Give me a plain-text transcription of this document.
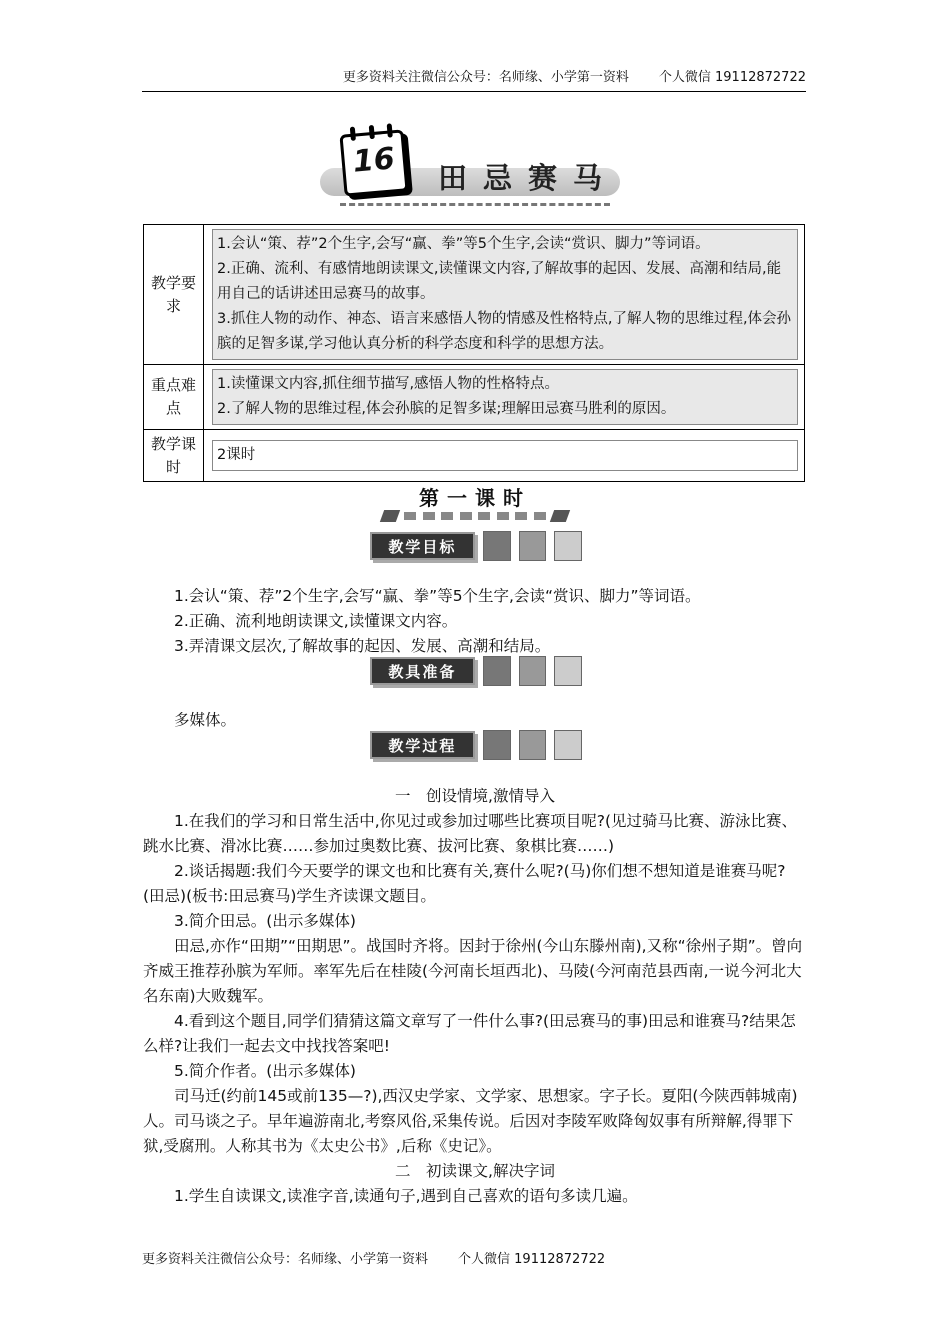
更多资料关注微信公众号：名师缘、小学第一资料 个人微信 19112872722
16 田忌赛马
教学要求

1.会认“策、荐”2个生字,会写“赢、拳”等5个生字,会读“赏识、脚力”等词语。

2.正确、流利、有感情地朗读课文,读懂课文内容,了解故事的起因、发展、高潮和结局,能用自己的话讲述田忌赛马的故事。

3.抓住人物的动作、神态、语言来感悟人物的情感及性格特点,了解人物的思维过程,体会孙膑的足智多谋,学习他认真分析的科学态度和科学的思想方法。

重点难点

1.读懂课文内容,抓住细节描写,感悟人物的性格特点。

2.了解人物的思维过程,体会孙膑的足智多谋;理解田忌赛马胜利的原因。

教学课时
2课时
第一课时
教学目标

1.会认“策、荐”2个生字,会写“赢、拳”等5个生字,会读“赏识、脚力”等词语。

2.正确、流利地朗读课文,读懂课文内容。

3.弄清课文层次,了解故事的起因、发展、高潮和结局。

教具准备

多媒体。

教学过程

一　创设情境,激情导入

1.在我们的学习和日常生活中,你见过或参加过哪些比赛项目呢?(见过骑马比赛、游泳比赛、跳水比赛、滑冰比赛……参加过奥数比赛、拔河比赛、象棋比赛……)

2.谈话揭题:我们今天要学的课文也和比赛有关,赛什么呢?(马)你们想不想知道是谁赛马呢?(田忌)(板书:田忌赛马)学生齐读课文题目。

3.简介田忌。(出示多媒体)

田忌,亦作“田期”“田期思”。战国时齐将。因封于徐州(今山东滕州南),又称“徐州子期”。曾向齐威王推荐孙膑为军师。率军先后在桂陵(今河南长垣西北)、马陵(今河南范县西南,一说今河北大名东南)大败魏军。

4.看到这个题目,同学们猜猜这篇文章写了一件什么事?(田忌赛马的事)田忌和谁赛马?结果怎么样?让我们一起去文中找找答案吧!

5.简介作者。(出示多媒体)

司马迁(约前145或前135—?),西汉史学家、文学家、思想家。字子长。夏阳(今陕西韩城南)人。司马谈之子。早年遍游南北,考察风俗,采集传说。后因对李陵军败降匈奴事有所辩解,得罪下狱,受腐刑。人称其书为《太史公书》,后称《史记》。

二　初读课文,解决字词

1.学生自读课文,读准字音,读通句子,遇到自己喜欢的语句多读几遍。

更多资料关注微信公众号：名师缘、小学第一资料 个人微信 19112872722
